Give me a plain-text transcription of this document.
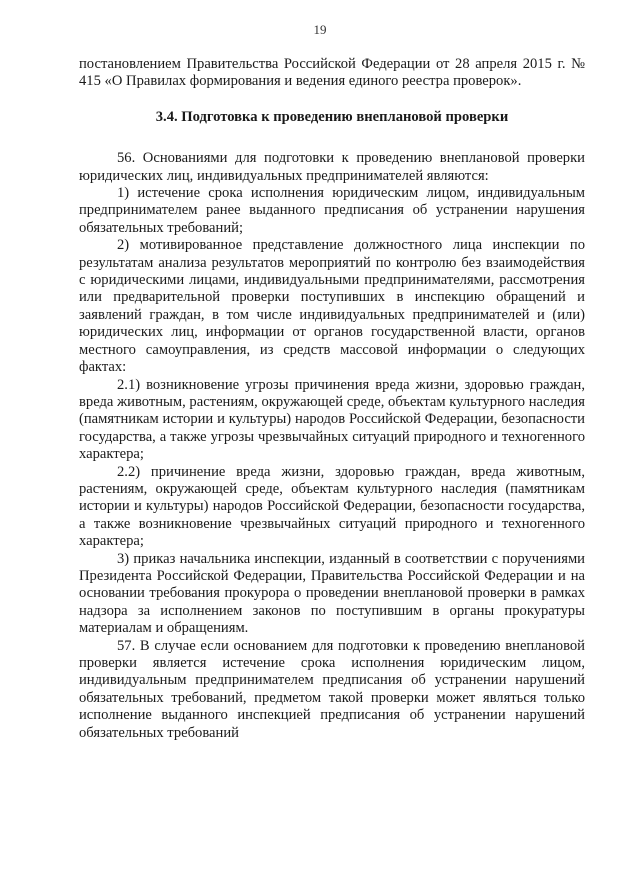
19

постановлением Правительства Российской Федерации от 28 апреля 2015 г. № 415 «О Правилах формирования и ведения единого реестра проверок».

3.4. Подготовка к проведению внеплановой проверки

56. Основаниями для подготовки к проведению внеплановой проверки юридических лиц, индивидуальных предпринимателей являются:

1) истечение срока исполнения юридическим лицом, индивидуальным предпринимателем ранее выданного предписания об устранении нарушения обязательных требований;

2) мотивированное представление должностного лица инспекции по результатам анализа результатов мероприятий по контролю без взаимодействия с юридическими лицами, индивидуальными предпринимателями, рассмотрения или предварительной проверки поступивших в инспекцию обращений и заявлений граждан, в том числе индивидуальных предпринимателей и (или) юридических лиц, информации от органов государственной власти, органов местного самоуправления, из средств массовой информации о следующих фактах:

2.1) возникновение угрозы причинения вреда жизни, здоровью граждан, вреда животным, растениям, окружающей среде, объектам культурного наследия (памятникам истории и культуры) народов Российской Федерации, безопасности государства, а также угрозы чрезвычайных ситуаций природного и техногенного характера;

2.2) причинение вреда жизни, здоровью граждан, вреда животным, растениям, окружающей среде, объектам культурного наследия (памятникам истории и культуры) народов Российской Федерации, безопасности государства, а также возникновение чрезвычайных ситуаций природного и техногенного характера;

3) приказ начальника инспекции, изданный в соответствии с поручениями Президента Российской Федерации, Правительства Российской Федерации и на основании требования прокурора о проведении внеплановой проверки в рамках надзора за исполнением законов по поступившим в органы прокуратуры материалам и обращениям.

57. В случае если основанием для подготовки к проведению внеплановой проверки является истечение срока исполнения юридическим лицом, индивидуальным предпринимателем предписания об устранении нарушений обязательных требований, предметом такой проверки может являться только исполнение выданного инспекцией предписания об устранении нарушений обязательных требований
